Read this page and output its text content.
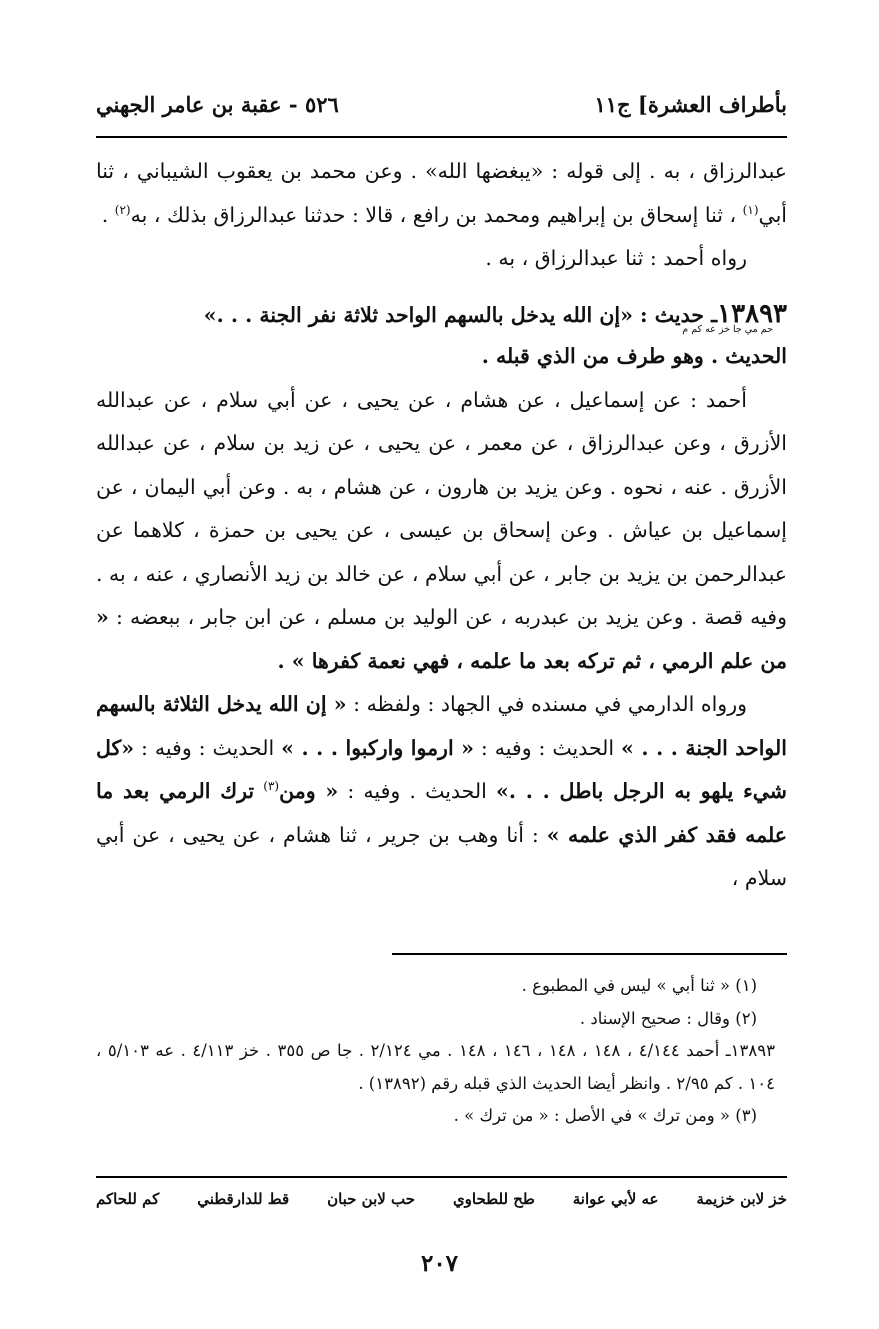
بأطراف العشرة] ج١١
٥٢٦ - عقبة بن عامر الجهني

عبدالرزاق ، به . إلى قوله : «يبغضها الله» . وعن محمد بن يعقوب الشيباني ، ثنا أبي$^{(١)}$ ، ثنا إسحاق بن إبراهيم ومحمد بن رافع ، قالا : حدثنا عبدالرزاق بذلك ، به$^{(٢)}$ .

رواه أحمد : ثنا عبدالرزاق ، به .

١٣٨٩٣ـ حديث : «إن الله يدخل بالسهم الواحد ثلاثة نفر الجنة . . .»

حم مي جا خز عه كم م

الحديث . وهو طرف من الذي قبله .

أحمد : عن إسماعيل ، عن هشام ، عن يحيى ، عن أبي سلام ، عن عبدالله الأزرق ، وعن عبدالرزاق ، عن معمر ، عن يحيى ، عن زيد بن سلام ، عن عبدالله الأزرق . عنه ، نحوه . وعن يزيد بن هارون ، عن هشام ، به . وعن أبي اليمان ، عن إسماعيل بن عياش . وعن إسحاق بن عيسى ، عن يحيى بن حمزة ، كلاهما عن عبدالرحمن بن يزيد بن جابر ، عن أبي سلام ، عن خالد بن زيد الأنصاري ، عنه ، به . وفيه قصة . وعن يزيد بن عبدربه ، عن الوليد بن مسلم ، عن ابن جابر ، ببعضه : « من علم الرمي ، ثم تركه بعد ما علمه ، فهي نعمة كفرها » .

ورواه الدارمي في مسنده في الجهاد : ولفظه : « إن الله يدخل الثلاثة بالسهم الواحد الجنة . . . » الحديث : وفيه : « ارموا واركبوا . . . » الحديث : وفيه : «كل شيء يلهو به الرجل باطل . . .» الحديث . وفيه : « ومن$^{(٣)}$ ترك الرمي بعد ما علمه فقد كفر الذي علمه » : أنا وهب بن جرير ، ثنا هشام ، عن يحيى ، عن أبي سلام ،

(١) « ثنا أبي » ليس في المطبوع .

(٢) وقال : صحيح الإسناد .

١٣٨٩٣ـ أحمد ٤/١٤٤ ، ١٤٨ ، ١٤٨ ، ١٤٦ ، ١٤٨ . مي ٢/١٢٤ . جا ص ٣٥٥ . خز ٤/١١٣ . عه ٥/١٠٣ ، ١٠٤ . كم ٢/٩٥ . وانظر أيضا الحديث الذي قبله رقم (١٣٨٩٢) .

(٣) « ومن ترك » في الأصل : « من ترك » .

خز لابن خزيمة
عه لأبي عوانة
طح للطحاوي
حب لابن حبان
قط للدارقطني
كم للحاكم
٢٠٧
